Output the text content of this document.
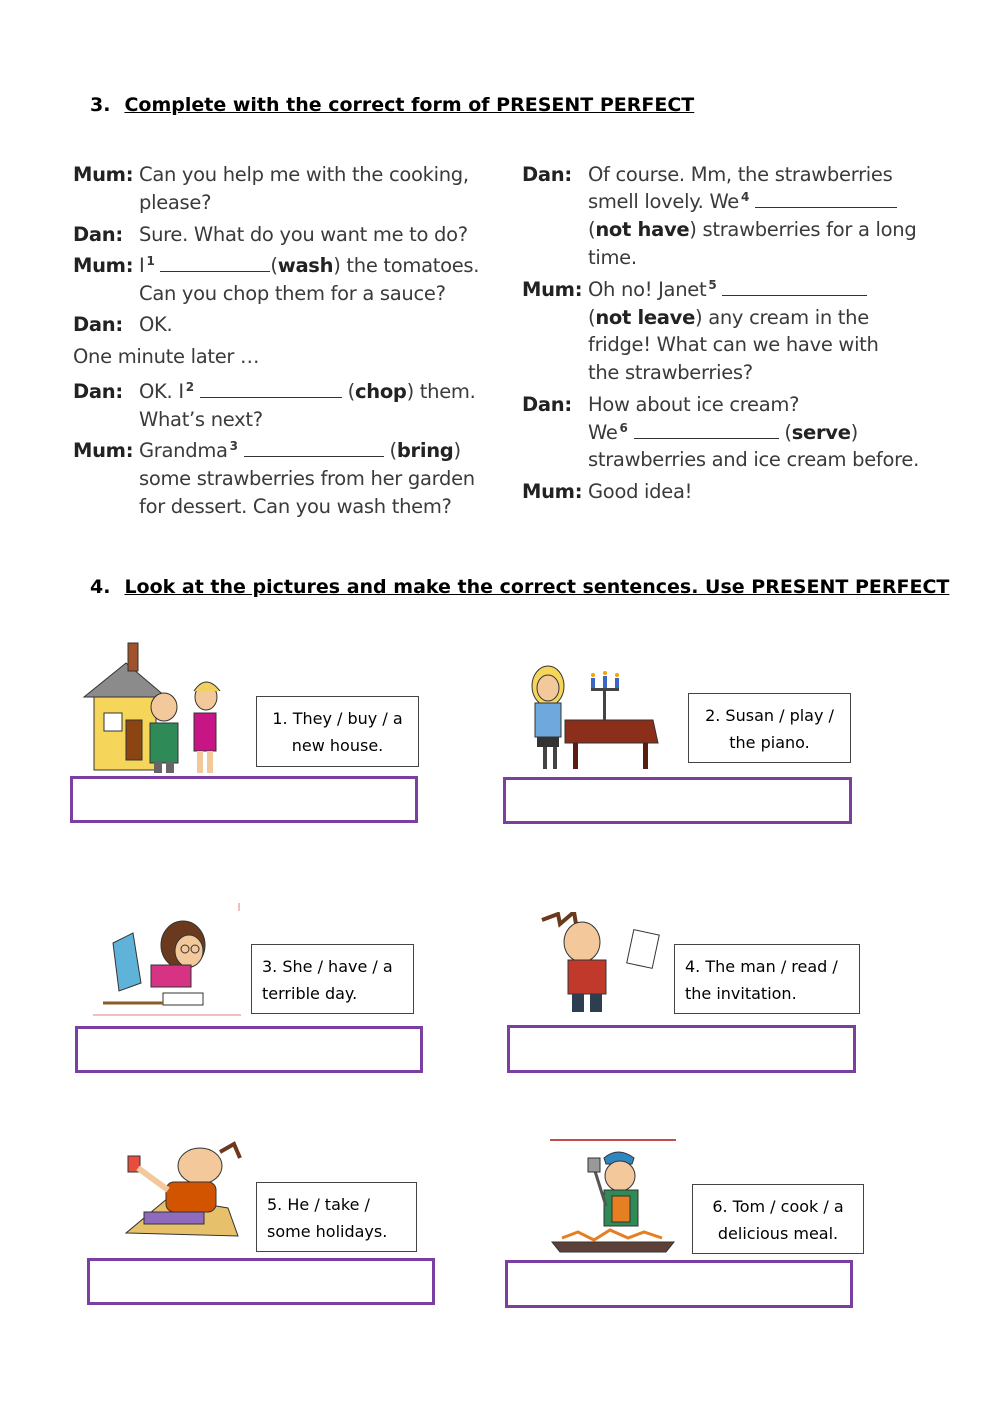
3. Complete with the correct form of PRESENT PERFECT
Mum: Can you help me with the cooking,
please?
Dan: Sure. What do you want me to do?
Mum: I $^1$	(wash) the tomatoes.
Can you chop them for a sauce?
Dan: OK.
One minute later …
Dan: OK. I $^2$	(chop) them.
What’s next?
Mum: Grandma $^3$	(bring)
some strawberries from her garden
for dessert. Can you wash them?
Dan: Of course. Mm, the strawberries
smell lovely. We $^4$
(not have) strawberries for a long
time.
Mum: Oh no! Janet $^5$
(not leave) any cream in the
fridge! What can we have with
the strawberries?
Dan: How about ice cream?
We $^6$	(serve)
strawberries and ice cream before.
Mum: Good idea!
4. Look at the pictures and make the correct sentences. Use PRESENT PERFECT
1. They / buy / a
new house.
2. Susan / play /
the piano.
3. She / have / a
terrible day.
4. The man / read /
the invitation.
5. He / take /
some holidays.
6. Tom / cook / a
delicious meal.
